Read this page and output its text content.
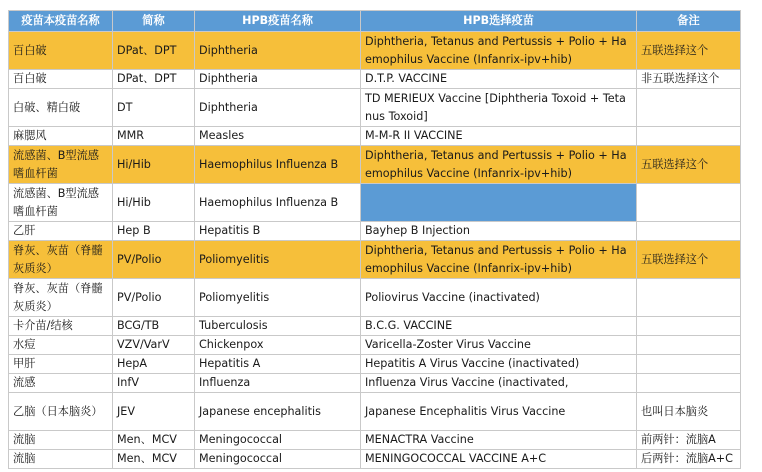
疫苗本疫苗名称	简称	HPB疫苗名称	HPB选择疫苗	备注
百白破	DPat、DPT	Diphtheria	Diphtheria, Tetanus and Pertussis + Polio + Haemophilus Vaccine (Infanrix-ipv+hib)	五联选择这个
百白破	DPat、DPT	Diphtheria	D.T.P. VACCINE	非五联选择这个
白破、精白破	DT	Diphtheria	TD MERIEUX Vaccine [Diphtheria Toxoid + Tetanus Toxoid]	
麻腮风	MMR	Measles	M-M-R II VACCINE	
流感菌、B型流感嗜血杆菌	Hi/Hib	Haemophilus Influenza B	Diphtheria, Tetanus and Pertussis + Polio + Haemophilus Vaccine (Infanrix-ipv+hib)	五联选择这个
流感菌、B型流感嗜血杆菌	Hi/Hib	Haemophilus Influenza B		
乙肝	Hep B	Hepatitis B	Bayhep B Injection	
脊灰、灰苗（脊髓灰质炎）	PV/Polio	Poliomyelitis	Diphtheria, Tetanus and Pertussis + Polio + Haemophilus Vaccine (Infanrix-ipv+hib)	五联选择这个
脊灰、灰苗（脊髓灰质炎）	PV/Polio	Poliomyelitis	Poliovirus Vaccine (inactivated)	
卡介苗/结核	BCG/TB	Tuberculosis	B.C.G. VACCINE	
水痘	VZV/VarV	Chickenpox	Varicella-Zoster Virus Vaccine	
甲肝	HepA	Hepatitis A	Hepatitis A Virus Vaccine (inactivated)	
流感	InfV	Influenza	Influenza Virus Vaccine (inactivated,	
乙脑（日本脑炎）	JEV	Japanese encephalitis	Japanese Encephalitis Virus Vaccine	也叫日本脑炎
流脑	Men、MCV	Meningococcal	MENACTRA Vaccine	前两针：流脑A
流脑	Men、MCV	Meningococcal	MENINGOCOCCAL VACCINE A+C	后两针：流脑A+C
